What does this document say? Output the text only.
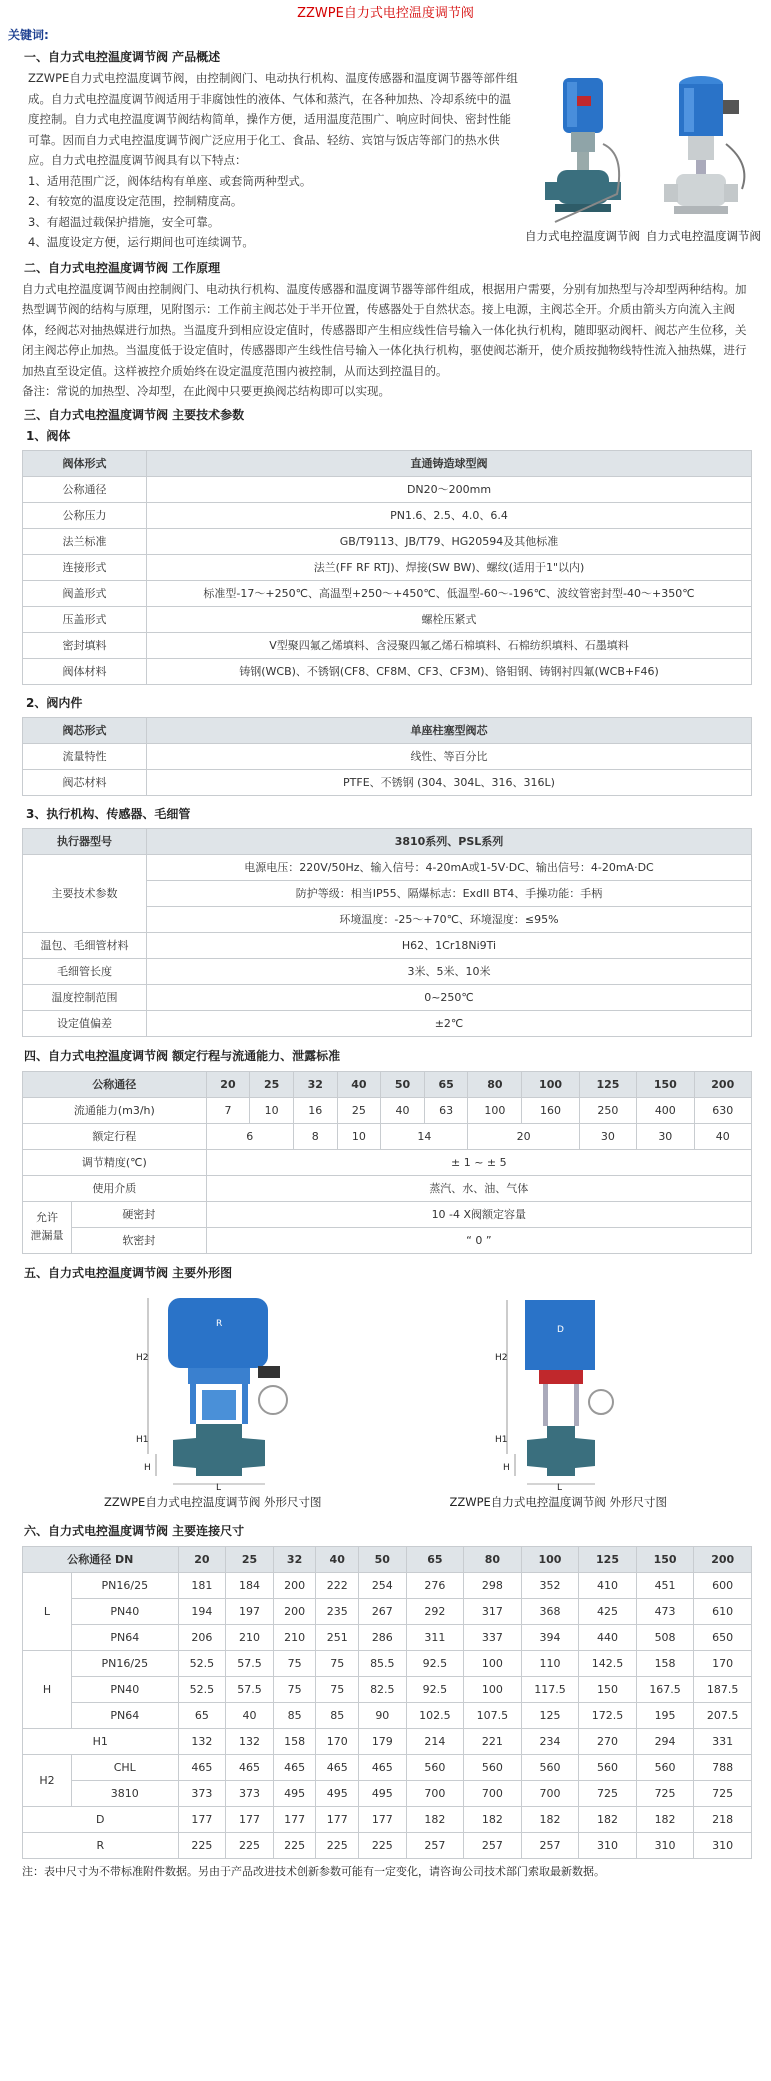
ZZWPE自力式电控温度调节阀
关键词:
一、自力式电控温度调节阀 产品概述
ZZWPE自力式电控温度调节阀，由控制阀门、电动执行机构、温度传感器和温度调节器等部件组成。自力式电控温度调节阀适用于非腐蚀性的液体、气体和蒸汽，在各种加热、冷却系统中的温度控制。自力式电控温度调节阀结构简单，操作方便，适用温度范围广、响应时间快、密封性能可靠。因而自力式电控温度调节阀广泛应用于化工、食品、轻纺、宾馆与饭店等部门的热水供应。自力式电控温度调节阀具有以下特点：
1、适用范围广泛，阀体结构有单座、或套筒两种型式。
2、有较宽的温度设定范围，控制精度高。
3、有超温过载保护措施，安全可靠。
4、温度设定方便，运行期间也可连续调节。	自力式电控温度调节阀 自力式电控温度调节阀
二、自力式电控温度调节阀 工作原理
自力式电控温度调节阀由控制阀门、电动执行机构、温度传感器和温度调节器等部件组成，根据用户需要，分别有加热型与冷却型两种结构。加热型调节阀的结构与原理，见附图示：工作前主阀芯处于半开位置，传感器处于自然状态。接上电源，主阀芯全开。介质由箭头方向流入主阀体，经阀芯对抽热媒进行加热。当温度升到相应设定值时，传感器即产生相应线性信号输入一体化执行机构，随即驱动阀杆、阀芯产生位移，关闭主阀芯停止加热。当温度低于设定值时，传感器即产生线性信号输入一体化执行机构，驱使阀芯渐开，使介质按抛物线特性流入抽热媒，进行加热直至设定值。这样被控介质始终在设定温度范围内被控制，从而达到控温目的。
备注：常说的加热型、冷却型，在此阀中只要更换阀芯结构即可以实现。
三、自力式电控温度调节阀 主要技术参数
1、阀体
阀体形式	直通铸造球型阀
公称通径	DN20～200mm
公称压力	PN1.6、2.5、4.0、6.4
法兰标准	GB/T9113、JB/T79、HG20594及其他标准
连接形式	法兰(FF RF RTJ)、焊接(SW BW)、螺纹(适用于1"以内)
阀盖形式	标准型-17～+250℃、高温型+250～+450℃、低温型-60～-196℃、波纹管密封型-40～+350℃
压盖形式	螺栓压紧式
密封填料	V型聚四氟乙烯填料、含浸聚四氟乙烯石棉填料、石棉纺织填料、石墨填料
阀体材料	铸钢(WCB)、不锈钢(CF8、CF8M、CF3、CF3M)、铬钼钢、铸钢衬四氟(WCB+F46)
2、阀内件
阀芯形式	单座柱塞型阀芯
流量特性	线性、等百分比
阀芯材料	PTFE、不锈钢 (304、304L、316、316L)
3、执行机构、传感器、毛细管
执行器型号	3810系列、PSL系列
主要技术参数	电源电压：220V/50Hz、输入信号：4-20mA或1-5V·DC、输出信号：4-20mA·DC
	防护等级：相当IP55、隔爆标志：ExdII BT4、手操功能：手柄
	环境温度：-25～+70℃、环境湿度：≤95%
温包、毛细管材料	H62、1Cr18Ni9Ti
毛细管长度	3米、5米、10米
温度控制范围	0~250℃
设定值偏差	±2℃
四、自力式电控温度调节阀 额定行程与流通能力、泄露标准
公称通径		20	25	32	40	50	65	80	100	125	150	200
流通能力(m3/h)		7	10	16	25	40	63	100	160	250	400	630
额定行程		6		8	10	14		20		30	30	40
调节精度(℃)		± 1 ~ ± 5										
使用介质		蒸汽、水、油、气体										
允许
泄漏量	硬密封	10 -4 X阀额定容量										
	软密封	“ 0 ”										
五、自力式电控温度调节阀 主要外形图
R
H2
H1
H
L
ZZWPE自力式电控温度调节阀 外形尺寸图
D
H2
H1
H
L
ZZWPE自力式电控温度调节阀 外形尺寸图
六、自力式电控温度调节阀 主要连接尺寸
公称通径 DN		20	25	32	40	50	65	80	100	125	150	200
L	PN16/25	181	184	200	222	254	276	298	352	410	451	600
	PN40	194	197	200	235	267	292	317	368	425	473	610
	PN64	206	210	210	251	286	311	337	394	440	508	650
H	PN16/25	52.5	57.5	75	75	85.5	92.5	100	110	142.5	158	170
	PN40	52.5	57.5	75	75	82.5	92.5	100	117.5	150	167.5	187.5
	PN64	65	40	85	85	90	102.5	107.5	125	172.5	195	207.5
H1		132	132	158	170	179	214	221	234	270	294	331
H2	CHL	465	465	465	465	465	560	560	560	560	560	788
	3810	373	373	495	495	495	700	700	700	725	725	725
D		177	177	177	177	177	182	182	182	182	182	218
R		225	225	225	225	225	257	257	257	310	310	310
注：表中尺寸为不带标准附件数据。另由于产品改进技术创新参数可能有一定变化，请咨询公司技术部门索取最新数据。
